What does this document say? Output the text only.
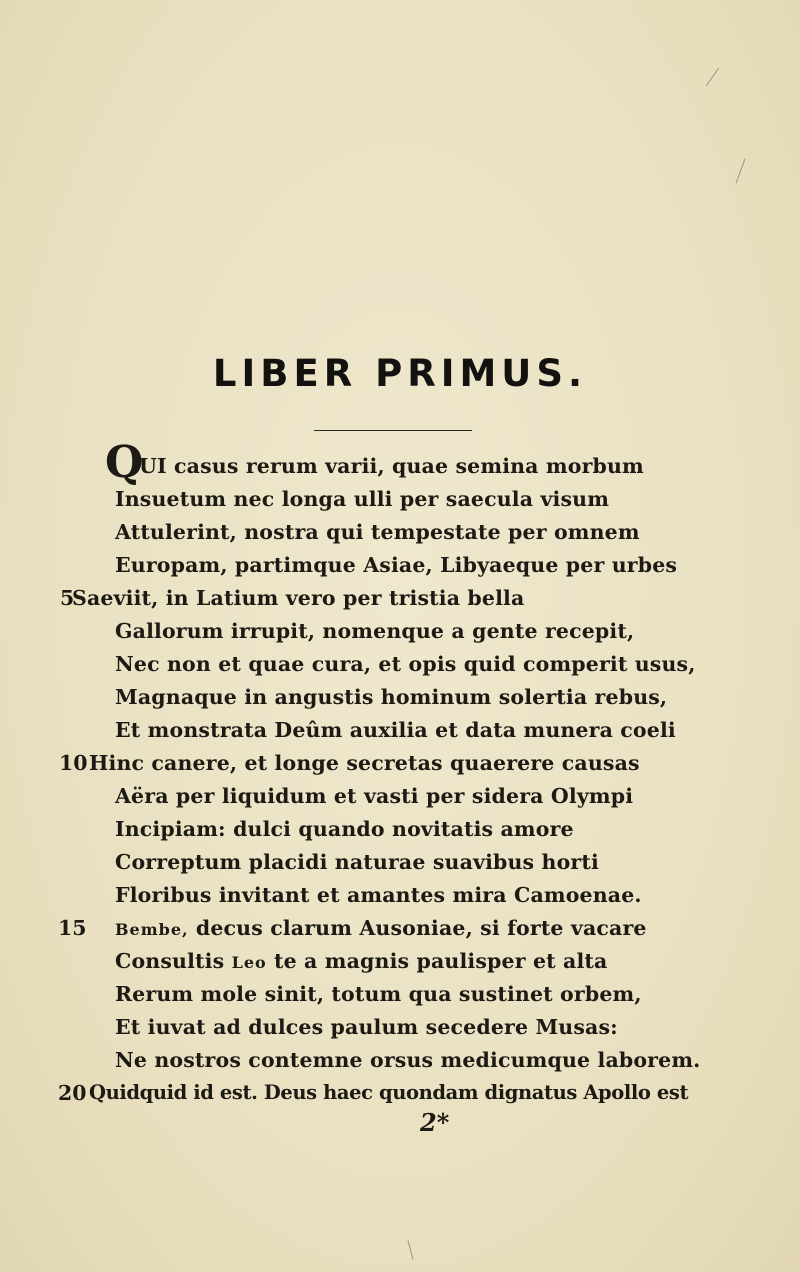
LIBER PRIMUS.
Q
UI casus rerum varii, quae semina morbum
Insuetum nec longa ulli per saecula visum
Attulerint, nostra qui tempestate per omnem
Europam, partimque Asiae, Libyaeque per urbes
5
Saeviit, in Latium vero per tristia bella
Gallorum irrupit, nomenque a gente recepit,
Nec non et quae cura, et opis quid comperit usus,
Magnaque in angustis hominum solertia rebus,
Et monstrata Deûm auxilia et data munera coeli
10 Hinc canere, et longe secretas quaerere causas
Aëra per liquidum et vasti per sidera Olympi
Incipiam: dulci quando novitatis amore
Correptum placidi naturae suavibus horti
Floribus invitant et amantes mira Camoenae.
15 Bembe, decus clarum Ausoniae, si forte vacare
Consultis Leo te a magnis paulisper et alta
Rerum mole sinit, totum qua sustinet orbem,
Et iuvat ad dulces paulum secedere Musas:
Ne nostros contemne orsus medicumque laborem.
20 Quidquid id est. Deus haec quondam dignatus Apollo est
2*
